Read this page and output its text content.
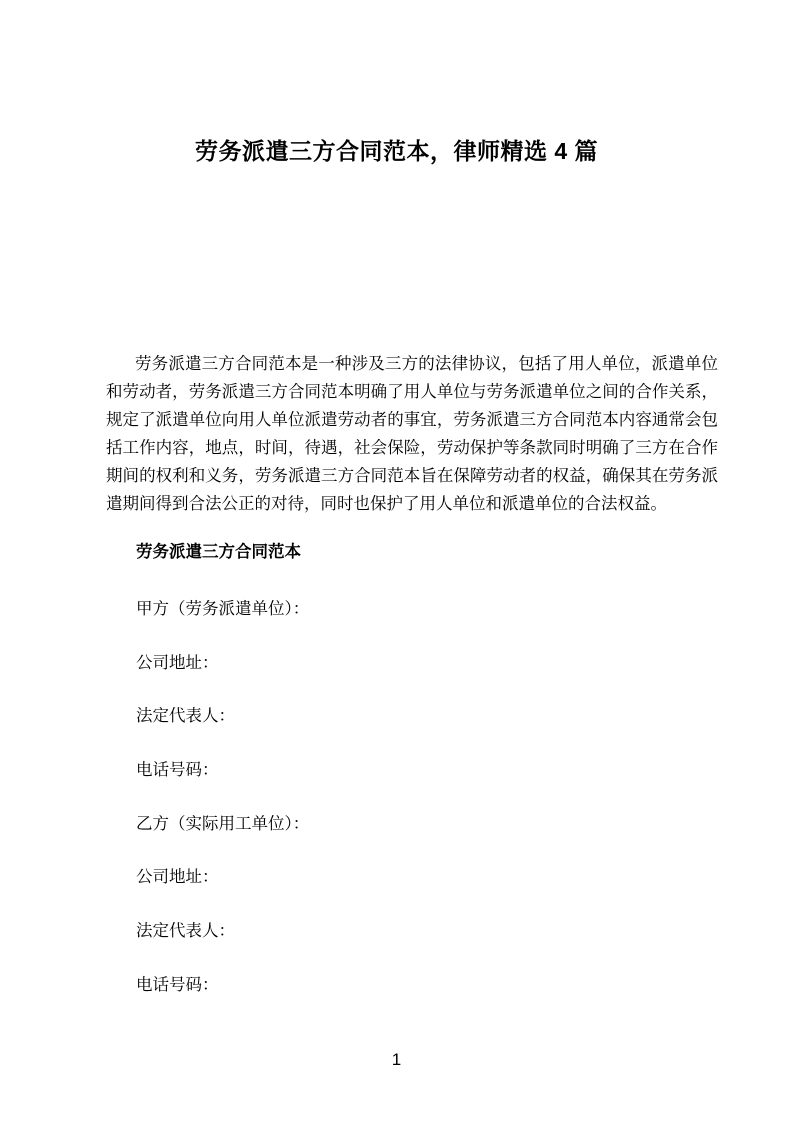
劳务派遣三方合同范本，律师精选 4 篇

劳务派遣三方合同范本是一种涉及三方的法律协议，包括了用人单位，派遣单位和劳动者，劳务派遣三方合同范本明确了用人单位与劳务派遣单位之间的合作关系，规定了派遣单位向用人单位派遣劳动者的事宜，劳务派遣三方合同范本内容通常会包括工作内容，地点，时间，待遇，社会保险，劳动保护等条款同时明确了三方在合作期间的权利和义务，劳务派遣三方合同范本旨在保障劳动者的权益，确保其在劳务派遣期间得到合法公正的对待，同时也保护了用人单位和派遣单位的合法权益。

劳务派遣三方合同范本

甲方（劳务派遣单位）：

公司地址：

法定代表人：

电话号码：

乙方（实际用工单位）：

公司地址：

法定代表人：

电话号码：

1
